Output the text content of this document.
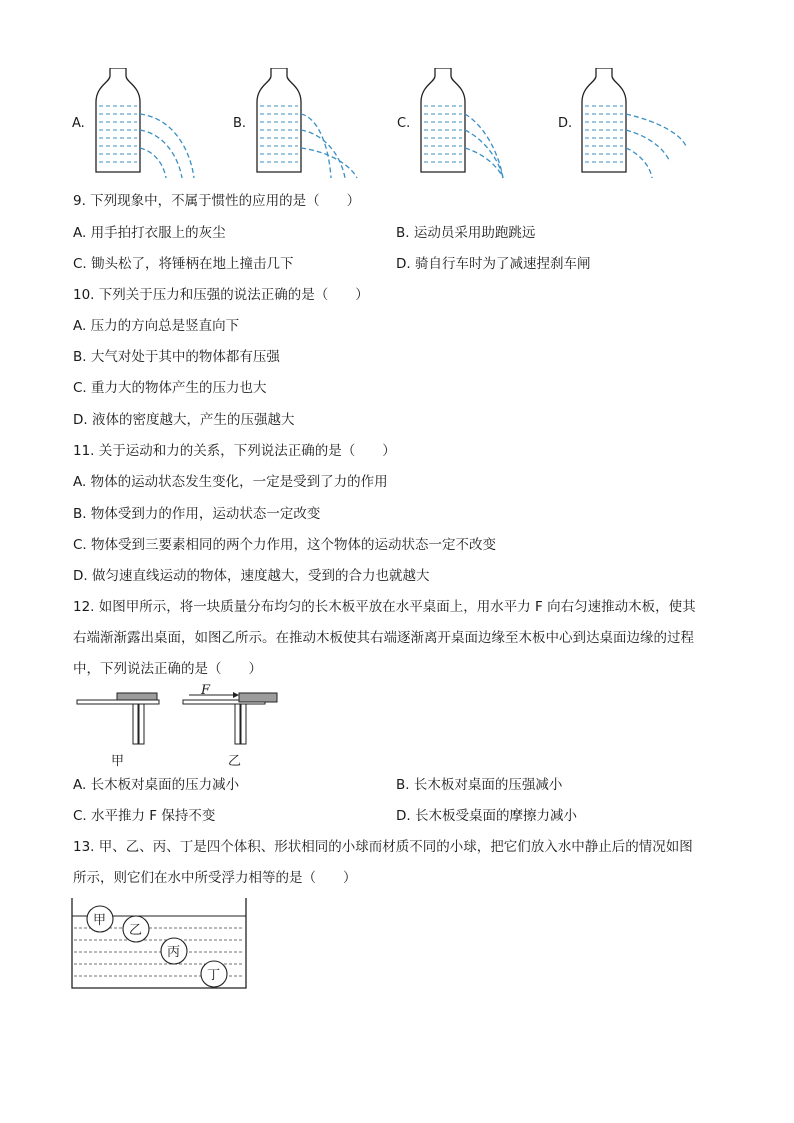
A.	B.	C.	D.
9. 下列现象中，不属于惯性的应用的是（　　）
A. 用手拍打衣服上的灰尘	B. 运动员采用助跑跳远
C. 锄头松了，将锤柄在地上撞击几下	D. 骑自行车时为了减速捏刹车闸
10. 下列关于压力和压强的说法正确的是（　　）
A. 压力的方向总是竖直向下
B. 大气对处于其中的物体都有压强
C. 重力大的物体产生的压力也大
D. 液体的密度越大，产生的压强越大
11. 关于运动和力的关系，下列说法正确的是（　　）
A. 物体的运动状态发生变化，一定是受到了力的作用
B. 物体受到力的作用，运动状态一定改变
C. 物体受到三要素相同的两个力作用，这个物体的运动状态一定不改变
D. 做匀速直线运动的物体，速度越大，受到的合力也就越大
12. 如图甲所示，将一块质量分布均匀的长木板平放在水平桌面上，用水平力 F 向右匀速推动木板，使其
右端渐渐露出桌面，如图乙所示。在推动木板使其右端逐渐离开桌面边缘至木板中心到达桌面边缘的过程
中，下列说法正确的是（　　）
甲
F
乙
A. 长木板对桌面的压力减小	B. 长木板对桌面的压强减小
C. 水平推力 F 保持不变	D. 长木板受桌面的摩擦力减小
13. 甲、乙、丙、丁是四个体积、形状相同的小球而材质不同的小球，把它们放入水中静止后的情况如图
所示，则它们在水中所受浮力相等的是（　　）
甲
乙
丙
丁
